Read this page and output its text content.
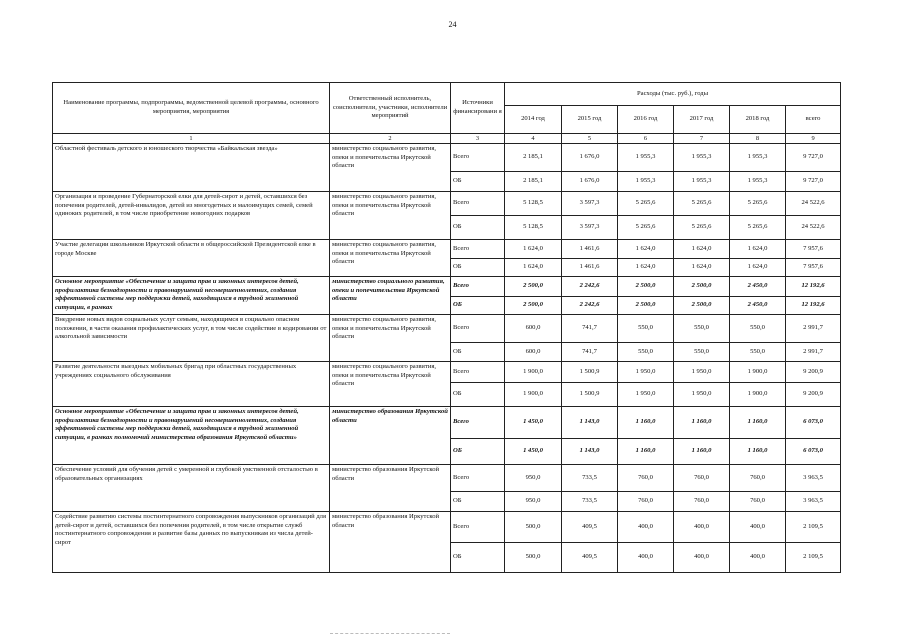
24
Наименование программы, подпрограммы, ведомственной целевой программы, основного мероприятия, мероприятия	Ответственный исполнитель, соисполнители, участники, исполнители мероприятий	Источники финансировани я	Расходы (тыс. руб.), годы					
			2014 год	2015 год	2016 год	2017 год	2018 год	всего
1	2	3	4	5	6	7	8	9
Областной фестиваль детского и юношеского творчества «Байкальская звезда»	министерство социального развития, опеки и попечительства Иркутской области	Всего	2 185,1	1 676,0	1 955,3	1 955,3	1 955,3	9 727,0
		ОБ	2 185,1	1 676,0	1 955,3	1 955,3	1 955,3	9 727,0
Организация и проведение Губернаторской елки для детей-сирот и детей, оставшихся без попечения родителей, детей-инвалидов, детей из многодетных и малоимущих семей, семей одиноких родителей, в том числе приобретение новогодних подарков	министерство социального развития, опеки и попечительства Иркутской области	Всего	5 128,5	3 597,3	5 265,6	5 265,6	5 265,6	24 522,6
		ОБ	5 128,5	3 597,3	5 265,6	5 265,6	5 265,6	24 522,6
Участие делегации школьников Иркутской области в общероссийской Президентской елке в городе Москве	министерство социального развития, опеки и попечительства Иркутской области	Всего	1 624,0	1 461,6	1 624,0	1 624,0	1 624,0	7 957,6
		ОБ	1 624,0	1 461,6	1 624,0	1 624,0	1 624,0	7 957,6
Основное мероприятие «Обеспечение и защита прав и законных интересов детей, профилактика безнадзорности и правонарушений несовершеннолетних, создания эффективной системы мер поддержки детей, находящихся в трудной жизненной ситуации, в рамках	министерство социального развития, опеки и попечительства Иркутской области	Всего	2 500,0	2 242,6	2 500,0	2 500,0	2 450,0	12 192,6
		ОБ	2 500,0	2 242,6	2 500,0	2 500,0	2 450,0	12 192,6
Внедрение новых видов социальных услуг семьям, находящимся в социально опасном положении, в части оказания профилактических услуг, в том числе содействие в кодировании от алкогольной зависимости	министерство социального развития, опеки и попечительства Иркутской области	Всего	600,0	741,7	550,0	550,0	550,0	2 991,7
		ОБ	600,0	741,7	550,0	550,0	550,0	2 991,7
Развитие деятельности выездных мобильных бригад при областных государственных учреждениях социального обслуживания	министерство социального развития, опеки и попечительства Иркутской области	Всего	1 900,0	1 500,9	1 950,0	1 950,0	1 900,0	9 200,9
		ОБ	1 900,0	1 500,9	1 950,0	1 950,0	1 900,0	9 200,9
Основное мероприятие «Обеспечение и защита прав и законных интересов детей, профилактика безнадзорности и правонарушений несовершеннолетних, создания эффективной системы мер поддержки детей, находящихся в трудной жизненной ситуации, в рамках полномочий министерства образования Иркутской области»	министерство образования Иркутской области	Всего	1 450,0	1 143,0	1 160,0	1 160,0	1 160,0	6 073,0
		ОБ	1 450,0	1 143,0	1 160,0	1 160,0	1 160,0	6 073,0
Обеспечение условий для обучения детей с умеренной и глубокой умственной отсталостью в образовательных организациях	министерство образования Иркутской области	Всего	950,0	733,5	760,0	760,0	760,0	3 963,5
		ОБ	950,0	733,5	760,0	760,0	760,0	3 963,5
Содействие развитию системы постинтернатного сопровождения выпускников организаций для детей-сирот и детей, оставшихся без попечения родителей, в том числе открытие служб постинтернатного сопровождения и развитие базы данных по выпускникам из числа детей-сирот	министерство образования Иркутской области	Всего	500,0	409,5	400,0	400,0	400,0	2 109,5
		ОБ	500,0	409,5	400,0	400,0	400,0	2 109,5
